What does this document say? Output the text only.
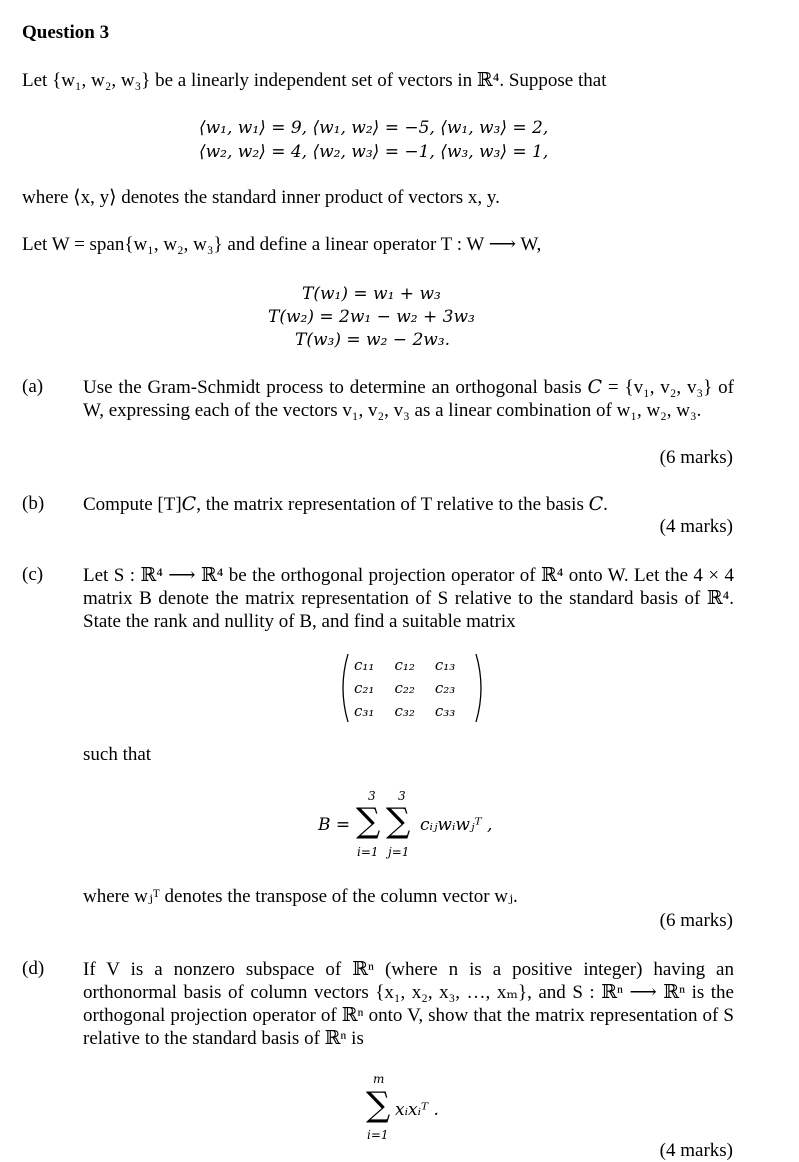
Question 3
Let {w₁, w₂, w₃} be a linearly independent set of vectors in ℝ⁴. Suppose that
⟨w₁, w₁⟩ = 9, ⟨w₁, w₂⟩ = −5, ⟨w₁, w₃⟩ = 2,
⟨w₂, w₂⟩ = 4, ⟨w₂, w₃⟩ = −1, ⟨w₃, w₃⟩ = 1,
where ⟨x, y⟩ denotes the standard inner product of vectors x, y.
Let W = span{w₁, w₂, w₃} and define a linear operator T : W ⟶ W,
T(w₁) = w₁ + w₃
T(w₂) = 2w₁ − w₂ + 3w₃
T(w₃) = w₂ − 2w₃.
(a) Use the Gram-Schmidt process to determine an orthogonal basis 𝐶 = {v₁, v₂, v₃} of W, expressing each of the vectors v₁, v₂, v₃ as a linear combination of w₁, w₂, w₃.
(6 marks)
(b) Compute [T]𝐶, the matrix representation of T relative to the basis 𝐶.
(4 marks)
(c) Let S : ℝ⁴ ⟶ ℝ⁴ be the orthogonal projection operator of ℝ⁴ onto W. Let the 4 × 4 matrix B denote the matrix representation of S relative to the standard basis of ℝ⁴. State the rank and nullity of B, and find a suitable matrix
c₁₁	c₁₂	c₁₃
c₂₁	c₂₂	c₂₃
c₃₁	c₃₂	c₃₃
such that
B =
3
∑
i=1
3
∑
j=1
cᵢⱼwᵢwⱼᵀ ,
where wⱼᵀ denotes the transpose of the column vector wⱼ.
(6 marks)
(d) If V is a nonzero subspace of ℝⁿ (where n is a positive integer) having an orthonormal basis of column vectors {x₁, x₂, x₃, …, xₘ}, and S : ℝⁿ ⟶ ℝⁿ is the orthogonal projection operator of ℝⁿ onto V, show that the matrix representation of S relative to the standard basis of ℝⁿ is
m
∑
i=1
xᵢxᵢᵀ .
(4 marks)
